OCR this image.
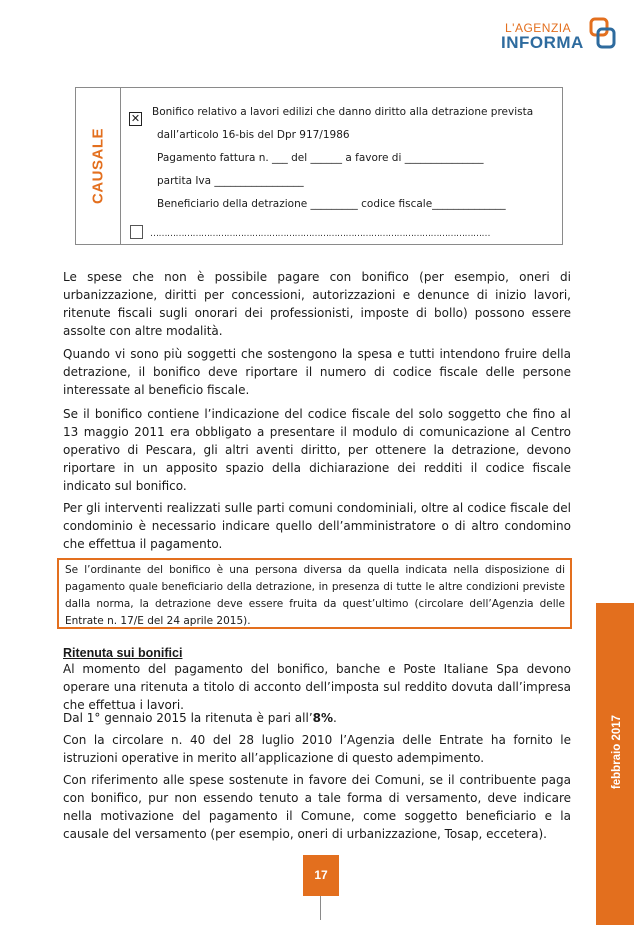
L'AGENZIA
INFORMA
CAUSALE
✕ Bonifico relativo a lavori edilizi che danno diritto alla detrazione prevista
dall’articolo 16-bis del Dpr 917/1986
Pagamento fattura n. ___ del ______ a favore di _______________
partita Iva _________________
Beneficiario della detrazione _________ codice fiscale______________
…………………………………………………………………………………………………………

Le spese che non è possibile pagare con bonifico (per esempio, oneri di urbanizzazione, diritti per concessioni, autorizzazioni e denunce di inizio lavori, ritenute fiscali sugli onorari dei professionisti, imposte di bollo) possono essere assolte con altre modalità.

Quando vi sono più soggetti che sostengono la spesa e tutti intendono fruire della detrazione, il bonifico deve riportare il numero di codice fiscale delle persone interessate al beneficio fiscale.

Se il bonifico contiene l’indicazione del codice fiscale del solo soggetto che fino al 13 maggio 2011 era obbligato a presentare il modulo di comunicazione al Centro operativo di Pescara, gli altri aventi diritto, per ottenere la detrazione, devono riportare in un apposito spazio della dichiarazione dei redditi il codice fiscale indicato sul bonifico.

Per gli interventi realizzati sulle parti comuni condominiali, oltre al codice fiscale del condominio è necessario indicare quello dell’amministratore o di altro condomino che effettua il pagamento.

Se l’ordinante del bonifico è una persona diversa da quella indicata nella disposizione di pagamento quale beneficiario della detrazione, in presenza di tutte le altre condizioni previste dalla norma, la detrazione deve essere fruita da quest’ultimo (circolare dell’Agenzia delle Entrate n. 17/E del 24 aprile 2015).
Ritenuta sui bonifici

Al momento del pagamento del bonifico, banche e Poste Italiane Spa devono operare una ritenuta a titolo di acconto dell’imposta sul reddito dovuta dall’impresa che effettua i lavori.

Dal 1° gennaio 2015 la ritenuta è pari all’8%.

Con la circolare n. 40 del 28 luglio 2010 l’Agenzia delle Entrate ha fornito le istruzioni operative in merito all’applicazione di questo adempimento.

Con riferimento alle spese sostenute in favore dei Comuni, se il contribuente paga con bonifico, pur non essendo tenuto a tale forma di versamento, deve indicare nella motivazione del pagamento il Comune, come soggetto beneficiario e la causale del versamento (per esempio, oneri di urbanizzazione, Tosap, eccetera).

febbraio 2017
17
